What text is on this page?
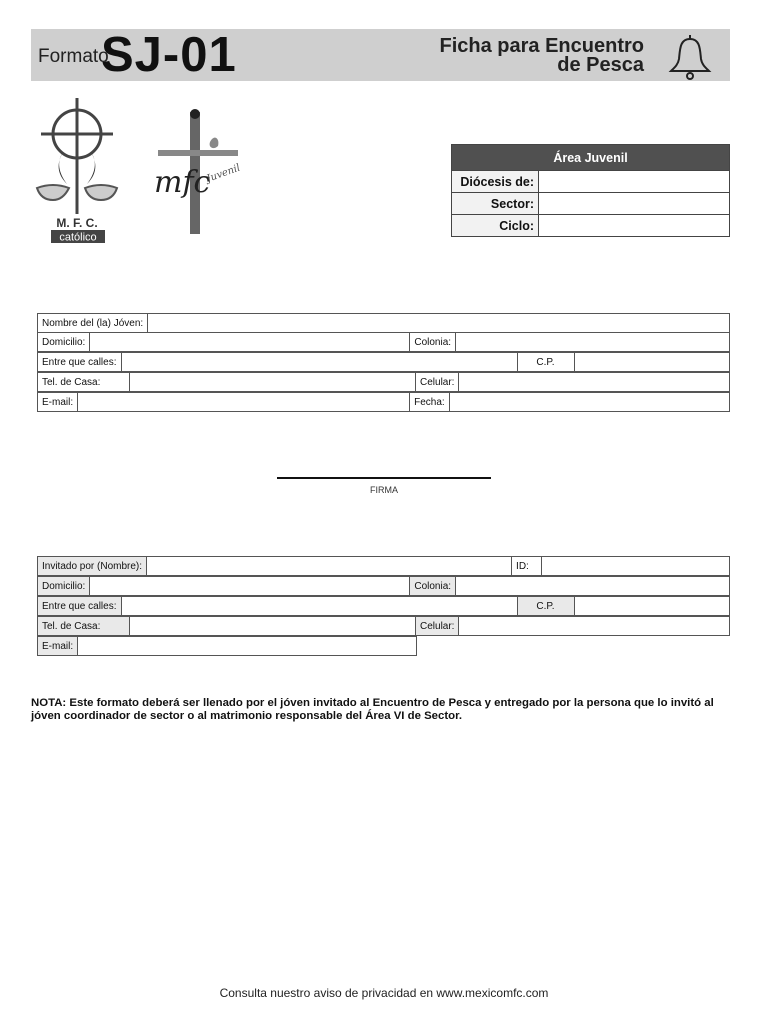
Formato
SJ-01	Ficha para Encuentro
de Pesca
M. F. C.
católico
mfc
Juvenil
Área Juvenil	
Diócesis de:	
Sector:	
Ciclo:	
Nombre del (la) Jóven:
Domicilio:	Colonia:
Entre que calles:	C.P.
Tel. de Casa:	Celular:
E-mail:	Fecha:
FIRMA
Invitado por (Nombre):	ID:
Domicilio:	Colonia:
Entre que calles:	C.P.
Tel. de Casa:	Celular:
E-mail:
NOTA: Este formato deberá ser llenado por el jóven invitado al Encuentro de Pesca y entregado por la persona que lo invitó al jóven coordinador de sector o al matrimonio responsable del Área VI de Sector.
Consulta nuestro aviso de privacidad en www.mexicomfc.com
